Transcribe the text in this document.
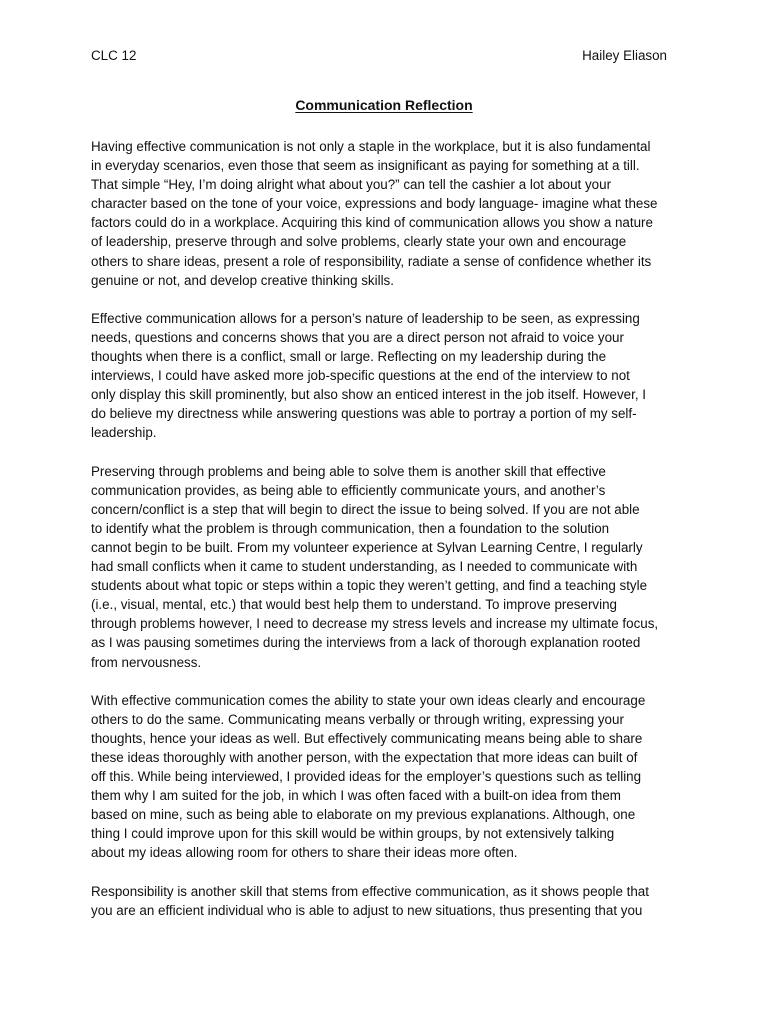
CLC 12	Hailey Eliason
Communication Reflection
Having effective communication is not only a staple in the workplace, but it is also fundamental
in everyday scenarios, even those that seem as insignificant as paying for something at a till.
That simple “Hey, I’m doing alright what about you?” can tell the cashier a lot about your
character based on the tone of your voice, expressions and body language- imagine what these
factors could do in a workplace. Acquiring this kind of communication allows you show a nature
of leadership, preserve through and solve problems, clearly state your own and encourage
others to share ideas, present a role of responsibility, radiate a sense of confidence whether its
genuine or not, and develop creative thinking skills.
Effective communication allows for a person’s nature of leadership to be seen, as expressing
needs, questions and concerns shows that you are a direct person not afraid to voice your
thoughts when there is a conflict, small or large. Reflecting on my leadership during the
interviews, I could have asked more job-specific questions at the end of the interview to not
only display this skill prominently, but also show an enticed interest in the job itself. However, I
do believe my directness while answering questions was able to portray a portion of my self-
leadership.
Preserving through problems and being able to solve them is another skill that effective
communication provides, as being able to efficiently communicate yours, and another’s
concern/conflict is a step that will begin to direct the issue to being solved. If you are not able
to identify what the problem is through communication, then a foundation to the solution
cannot begin to be built. From my volunteer experience at Sylvan Learning Centre, I regularly
had small conflicts when it came to student understanding, as I needed to communicate with
students about what topic or steps within a topic they weren’t getting, and find a teaching style
(i.e., visual, mental, etc.) that would best help them to understand. To improve preserving
through problems however, I need to decrease my stress levels and increase my ultimate focus,
as I was pausing sometimes during the interviews from a lack of thorough explanation rooted
from nervousness.
With effective communication comes the ability to state your own ideas clearly and encourage
others to do the same. Communicating means verbally or through writing, expressing your
thoughts, hence your ideas as well. But effectively communicating means being able to share
these ideas thoroughly with another person, with the expectation that more ideas can built of
off this. While being interviewed, I provided ideas for the employer’s questions such as telling
them why I am suited for the job, in which I was often faced with a built-on idea from them
based on mine, such as being able to elaborate on my previous explanations. Although, one
thing I could improve upon for this skill would be within groups, by not extensively talking
about my ideas allowing room for others to share their ideas more often.
Responsibility is another skill that stems from effective communication, as it shows people that
you are an efficient individual who is able to adjust to new situations, thus presenting that you
